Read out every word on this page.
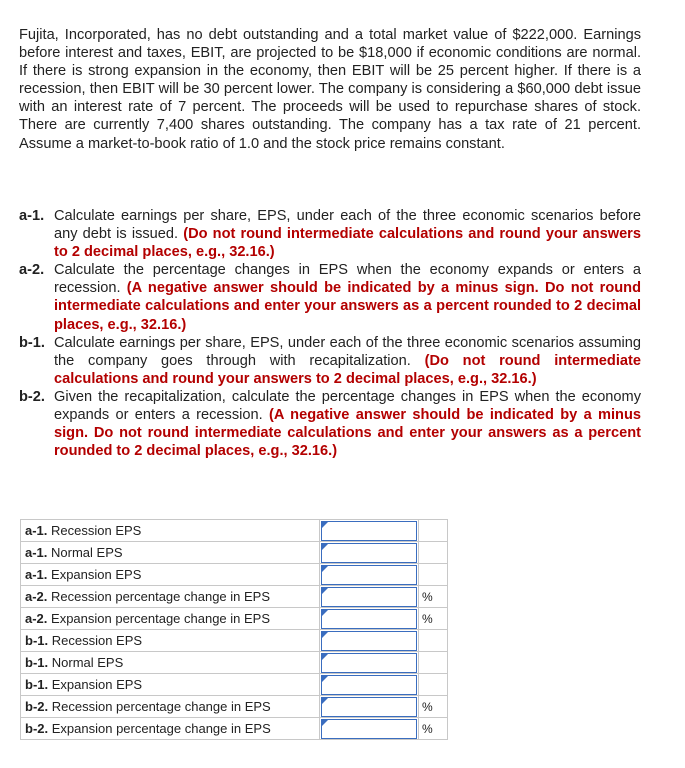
Fujita, Incorporated, has no debt outstanding and a total market value of $222,000. Earnings before interest and taxes, EBIT, are projected to be $18,000 if economic conditions are normal. If there is strong expansion in the economy, then EBIT will be 25 percent higher. If there is a recession, then EBIT will be 30 percent lower. The company is considering a $60,000 debt issue with an interest rate of 7 percent. The proceeds will be used to repurchase shares of stock. There are currently 7,400 shares outstanding. The company has a tax rate of 21 percent. Assume a market-to-book ratio of 1.0 and the stock price remains constant.

a-1. Calculate earnings per share, EPS, under each of the three economic scenarios before any debt is issued. (Do not round intermediate calculations and round your answers to 2 decimal places, e.g., 32.16.)
a-2. Calculate the percentage changes in EPS when the economy expands or enters a recession. (A negative answer should be indicated by a minus sign. Do not round intermediate calculations and enter your answers as a percent rounded to 2 decimal places, e.g., 32.16.)
b-1. Calculate earnings per share, EPS, under each of the three economic scenarios assuming the company goes through with recapitalization. (Do not round intermediate calculations and round your answers to 2 decimal places, e.g., 32.16.)
b-2. Given the recapitalization, calculate the percentage changes in EPS when the economy expands or enters a recession. (A negative answer should be indicated by a minus sign. Do not round intermediate calculations and enter your answers as a percent rounded to 2 decimal places, e.g., 32.16.)
a-1. Recession EPS	

a-1. Normal EPS	

a-1. Expansion EPS	

a-2. Recession percentage change in EPS		%
a-2. Expansion percentage change in EPS		%
b-1. Recession EPS	

b-1. Normal EPS	

b-1. Expansion EPS	

b-2. Recession percentage change in EPS		%
b-2. Expansion percentage change in EPS		%
